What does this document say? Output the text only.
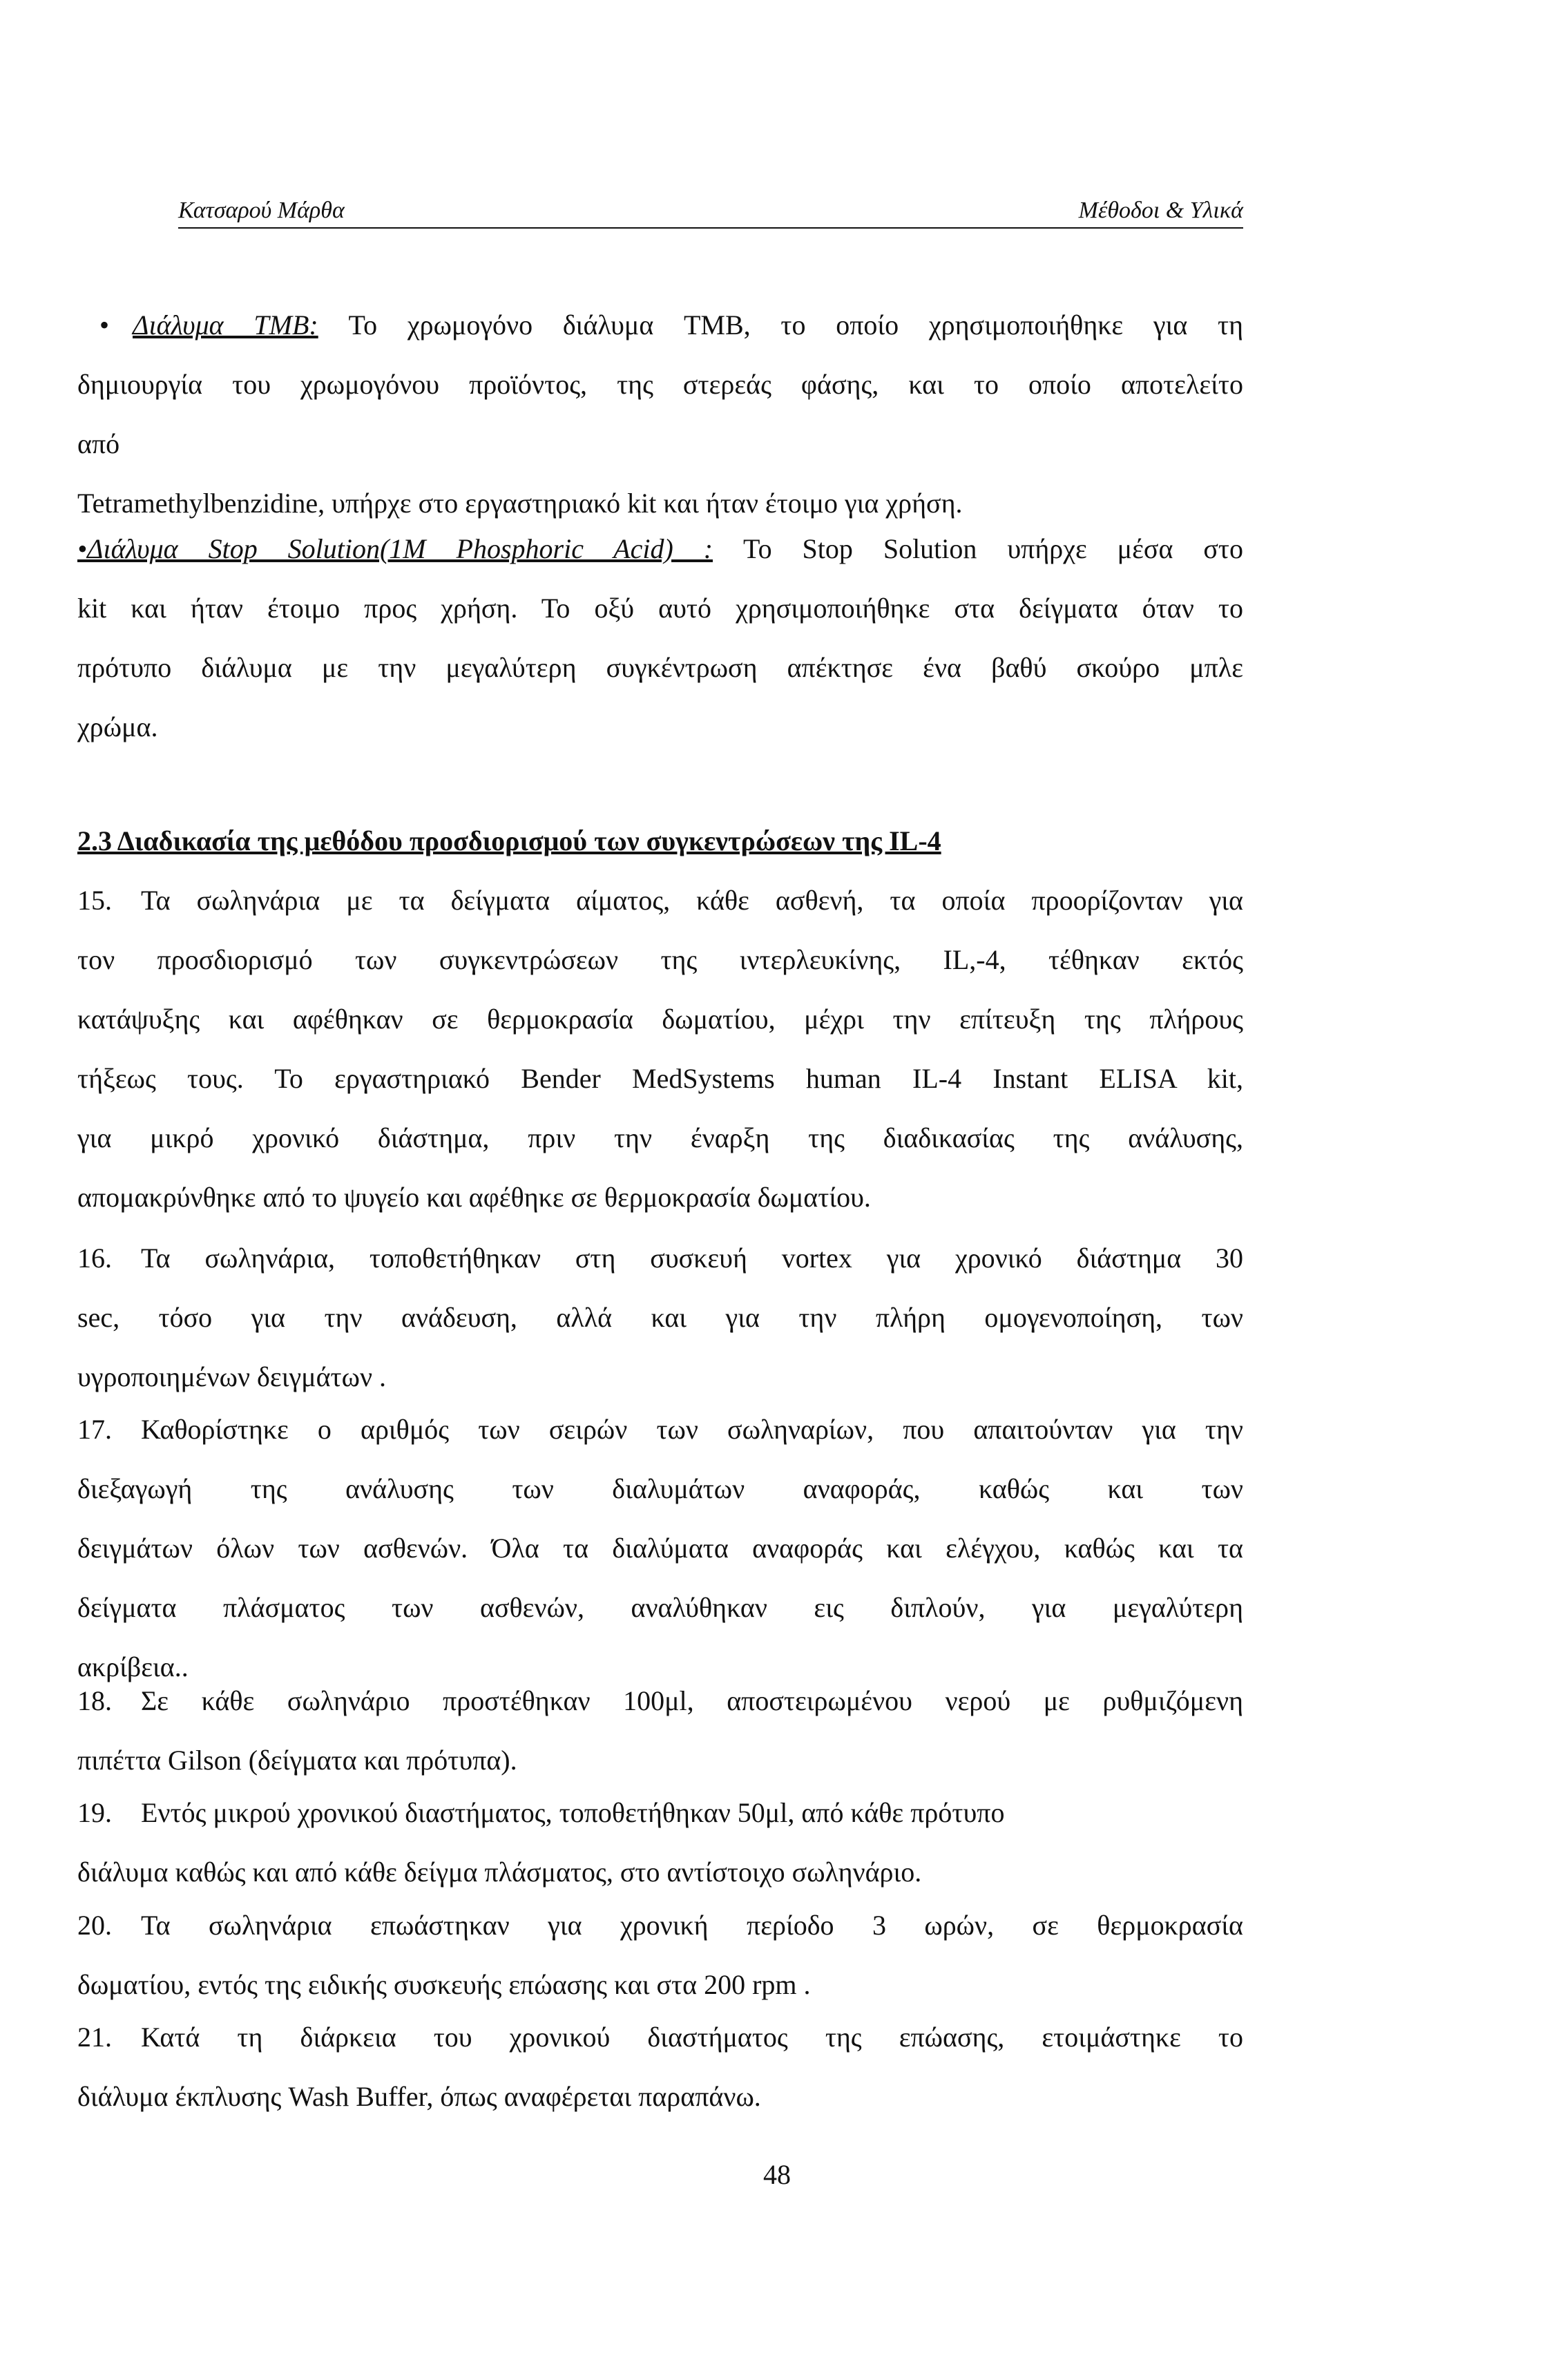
Κατσαρού Μάρθα	Μέθοδοι & Υλικά
• Διάλυμα TMB: Το χρωμογόνο διάλυμα TMB, το οποίο χρησιμοποιήθηκε για τη
δημιουργία του χρωμογόνου προϊόντος, της στερεάς φάσης, και το οποίο αποτελείτο
από
Tetramethylbenzidine, υπήρχε στο εργαστηριακό kit και ήταν έτοιμο για χρήση.
•Διάλυμα Stop Solution(1M Phosphoric Acid) : Το Stop Solution υπήρχε μέσα στο
kit και ήταν έτοιμο προς χρήση. Το οξύ αυτό χρησιμοποιήθηκε στα δείγματα όταν το
πρότυπο διάλυμα με την μεγαλύτερη συγκέντρωση απέκτησε ένα βαθύ σκούρο μπλε
χρώμα.
2.3 Διαδικασία της μεθόδου προσδιορισμού των συγκεντρώσεων της IL-4
15. Τα σωληνάρια με τα δείγματα αίματος, κάθε ασθενή, τα οποία προορίζονταν για
τον προσδιορισμό των συγκεντρώσεων της ιντερλευκίνης, IL,-4, τέθηκαν εκτός
κατάψυξης και αφέθηκαν σε θερμοκρασία δωματίου, μέχρι την επίτευξη της πλήρους
τήξεως τους. Το εργαστηριακό Bender MedSystems human IL-4 Instant ELISA kit,
για μικρό χρονικό διάστημα, πριν την έναρξη της διαδικασίας της ανάλυσης,
απομακρύνθηκε από το ψυγείο και αφέθηκε σε θερμοκρασία δωματίου.
16. Τα σωληνάρια, τοποθετήθηκαν στη συσκευή vortex για χρονικό διάστημα 30
sec, τόσο για την ανάδευση, αλλά και για την πλήρη ομογενοποίηση, των
υγροποιημένων δειγμάτων .
17. Καθορίστηκε ο αριθμός των σειρών των σωληναρίων, που απαιτούνταν για την
διεξαγωγή της ανάλυσης των διαλυμάτων αναφοράς, καθώς και των
δειγμάτων όλων των ασθενών. Όλα τα διαλύματα αναφοράς και ελέγχου, καθώς και τα
δείγματα πλάσματος των ασθενών, αναλύθηκαν εις διπλούν, για μεγαλύτερη
ακρίβεια..
18. Σε κάθε σωληνάριο προστέθηκαν 100μl, αποστειρωμένου νερού με ρυθμιζόμενη
πιπέττα Gilson (δείγματα και πρότυπα).
19. Εντός μικρού χρονικού διαστήματος, τοποθετήθηκαν 50μl, από κάθε πρότυπο
διάλυμα καθώς και από κάθε δείγμα πλάσματος, στο αντίστοιχο σωληνάριο.
20. Τα σωληνάρια επωάστηκαν για χρονική περίοδο 3 ωρών, σε θερμοκρασία
δωματίου, εντός της ειδικής συσκευής επώασης και στα 200 rpm .
21. Κατά τη διάρκεια του χρονικού διαστήματος της επώασης, ετοιμάστηκε το
διάλυμα έκπλυσης Wash Buffer, όπως αναφέρεται παραπάνω.
48
